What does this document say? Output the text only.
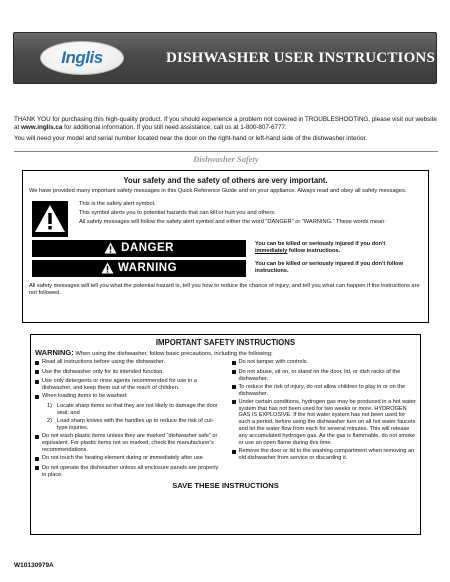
Inglis	DISHWASHER USER INSTRUCTIONS

THANK YOU for purchasing this high-quality product. If you should experience a problem not covered in TROUBLESHOOTING, please visit our website at www.inglis.ca for additional information. If you still need assistance, call us at 1-800-807-6777.

You will need your model and serial number located near the door on the right-hand or left-hand side of the dishwasher interior.

Dishwasher Safety
Your safety and the safety of others are very important.
We have provided many important safety messages in this Quick Reference Guide and on your appliance. Always read and obey all safety messages.

This is the safety alert symbol.

This symbol alerts you to potential hazards that can kill or hurt you and others.

All safety messages will follow the safety alert symbol and either the word “DANGER” or “WARNING.” These words mean:

DANGER	You can be killed or seriously injured if you don't immediately follow instructions.
WARNING	You can be killed or seriously injured if you don't follow instructions.
All safety messages will tell you what the potential hazard is, tell you how to reduce the chance of injury, and tell you what can happen if the instructions are not followed.
IMPORTANT SAFETY INSTRUCTIONS
WARNING: When using the dishwasher, follow basic precautions, including the following:
Read all instructions before using the dishwasher.
Use the dishwasher only for its intended function.
Use only detergents or rinse agents recommended for use in a dishwasher, and keep them out of the reach of children.
When loading items to be washed:
1) Locate sharp items so that they are not likely to damage the door seal; and
2) Load sharp knives with the handles up to reduce the risk of cut-type injuries.
Do not wash plastic items unless they are marked “dishwasher safe” or equivalent. For plastic items not so marked, check the manufacturer's recommendations.
Do not touch the heating element during or immediately after use.
Do not operate the dishwasher unless all enclosure panels are properly in place.
Do not tamper with controls.
Do not abuse, sit on, or stand on the door, lid, or dish racks of the dishwasher.
To reduce the risk of injury, do not allow children to play in or on the dishwasher.
Under certain conditions, hydrogen gas may be produced in a hot water system that has not been used for two weeks or more. HYDROGEN GAS IS EXPLOSIVE. If the hot water system has not been used for such a period, before using the dishwasher turn on all hot water faucets and let the water flow from each for several minutes. This will release any accumulated hydrogen gas. As the gas is flammable, do not smoke or use an open flame during this time.
Remove the door or lid to the washing compartment when removing an old dishwasher from service or discarding it.
SAVE THESE INSTRUCTIONS
W10130979A
